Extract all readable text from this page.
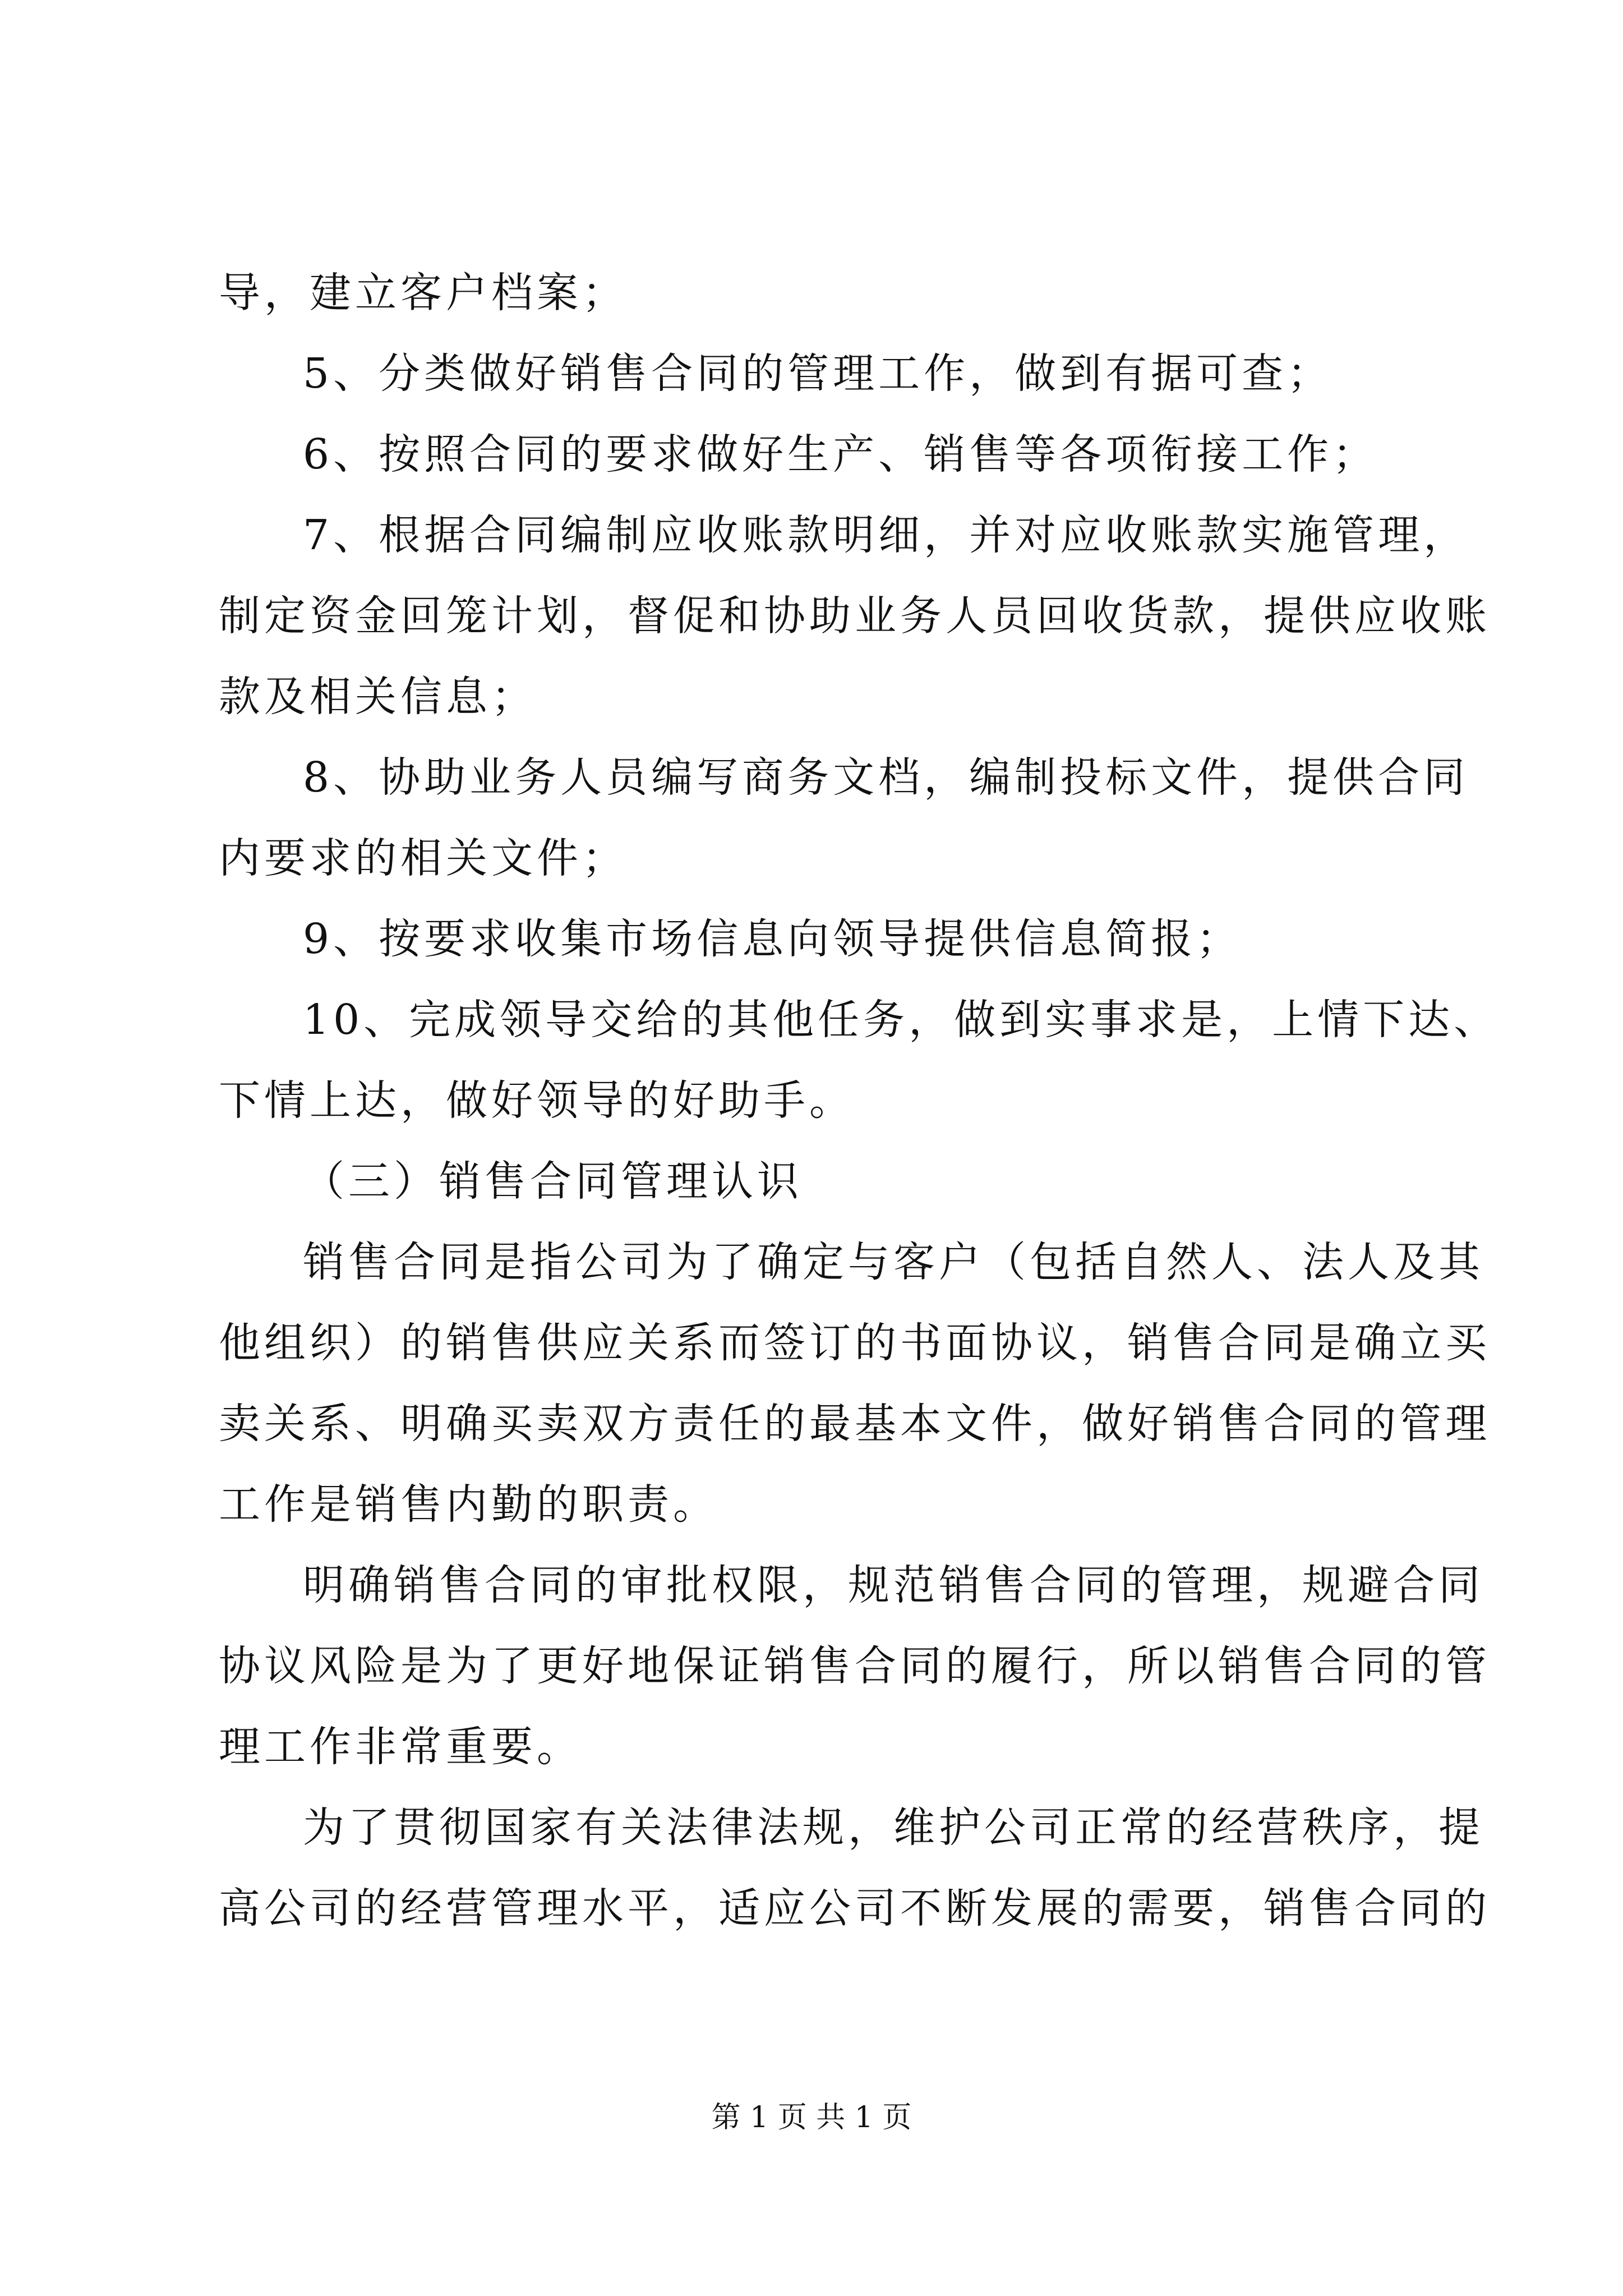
导，建立客户档案；
5、分类做好销售合同的管理工作，做到有据可查；
6、按照合同的要求做好生产、销售等各项衔接工作；
7、根据合同编制应收账款明细，并对应收账款实施管理，
制定资金回笼计划，督促和协助业务人员回收货款，提供应收账
款及相关信息；
8、协助业务人员编写商务文档，编制投标文件，提供合同
内要求的相关文件；
9、按要求收集市场信息向领导提供信息简报；
10、完成领导交给的其他任务，做到实事求是，上情下达、
下情上达，做好领导的好助手。
（三）销售合同管理认识
销售合同是指公司为了确定与客户（包括自然人、法人及其
他组织）的销售供应关系而签订的书面协议，销售合同是确立买
卖关系、明确买卖双方责任的最基本文件，做好销售合同的管理
工作是销售内勤的职责。
明确销售合同的审批权限，规范销售合同的管理，规避合同
协议风险是为了更好地保证销售合同的履行，所以销售合同的管
理工作非常重要。
为了贯彻国家有关法律法规，维护公司正常的经营秩序，提
高公司的经营管理水平，适应公司不断发展的需要，销售合同的
第 1 页 共 1 页
